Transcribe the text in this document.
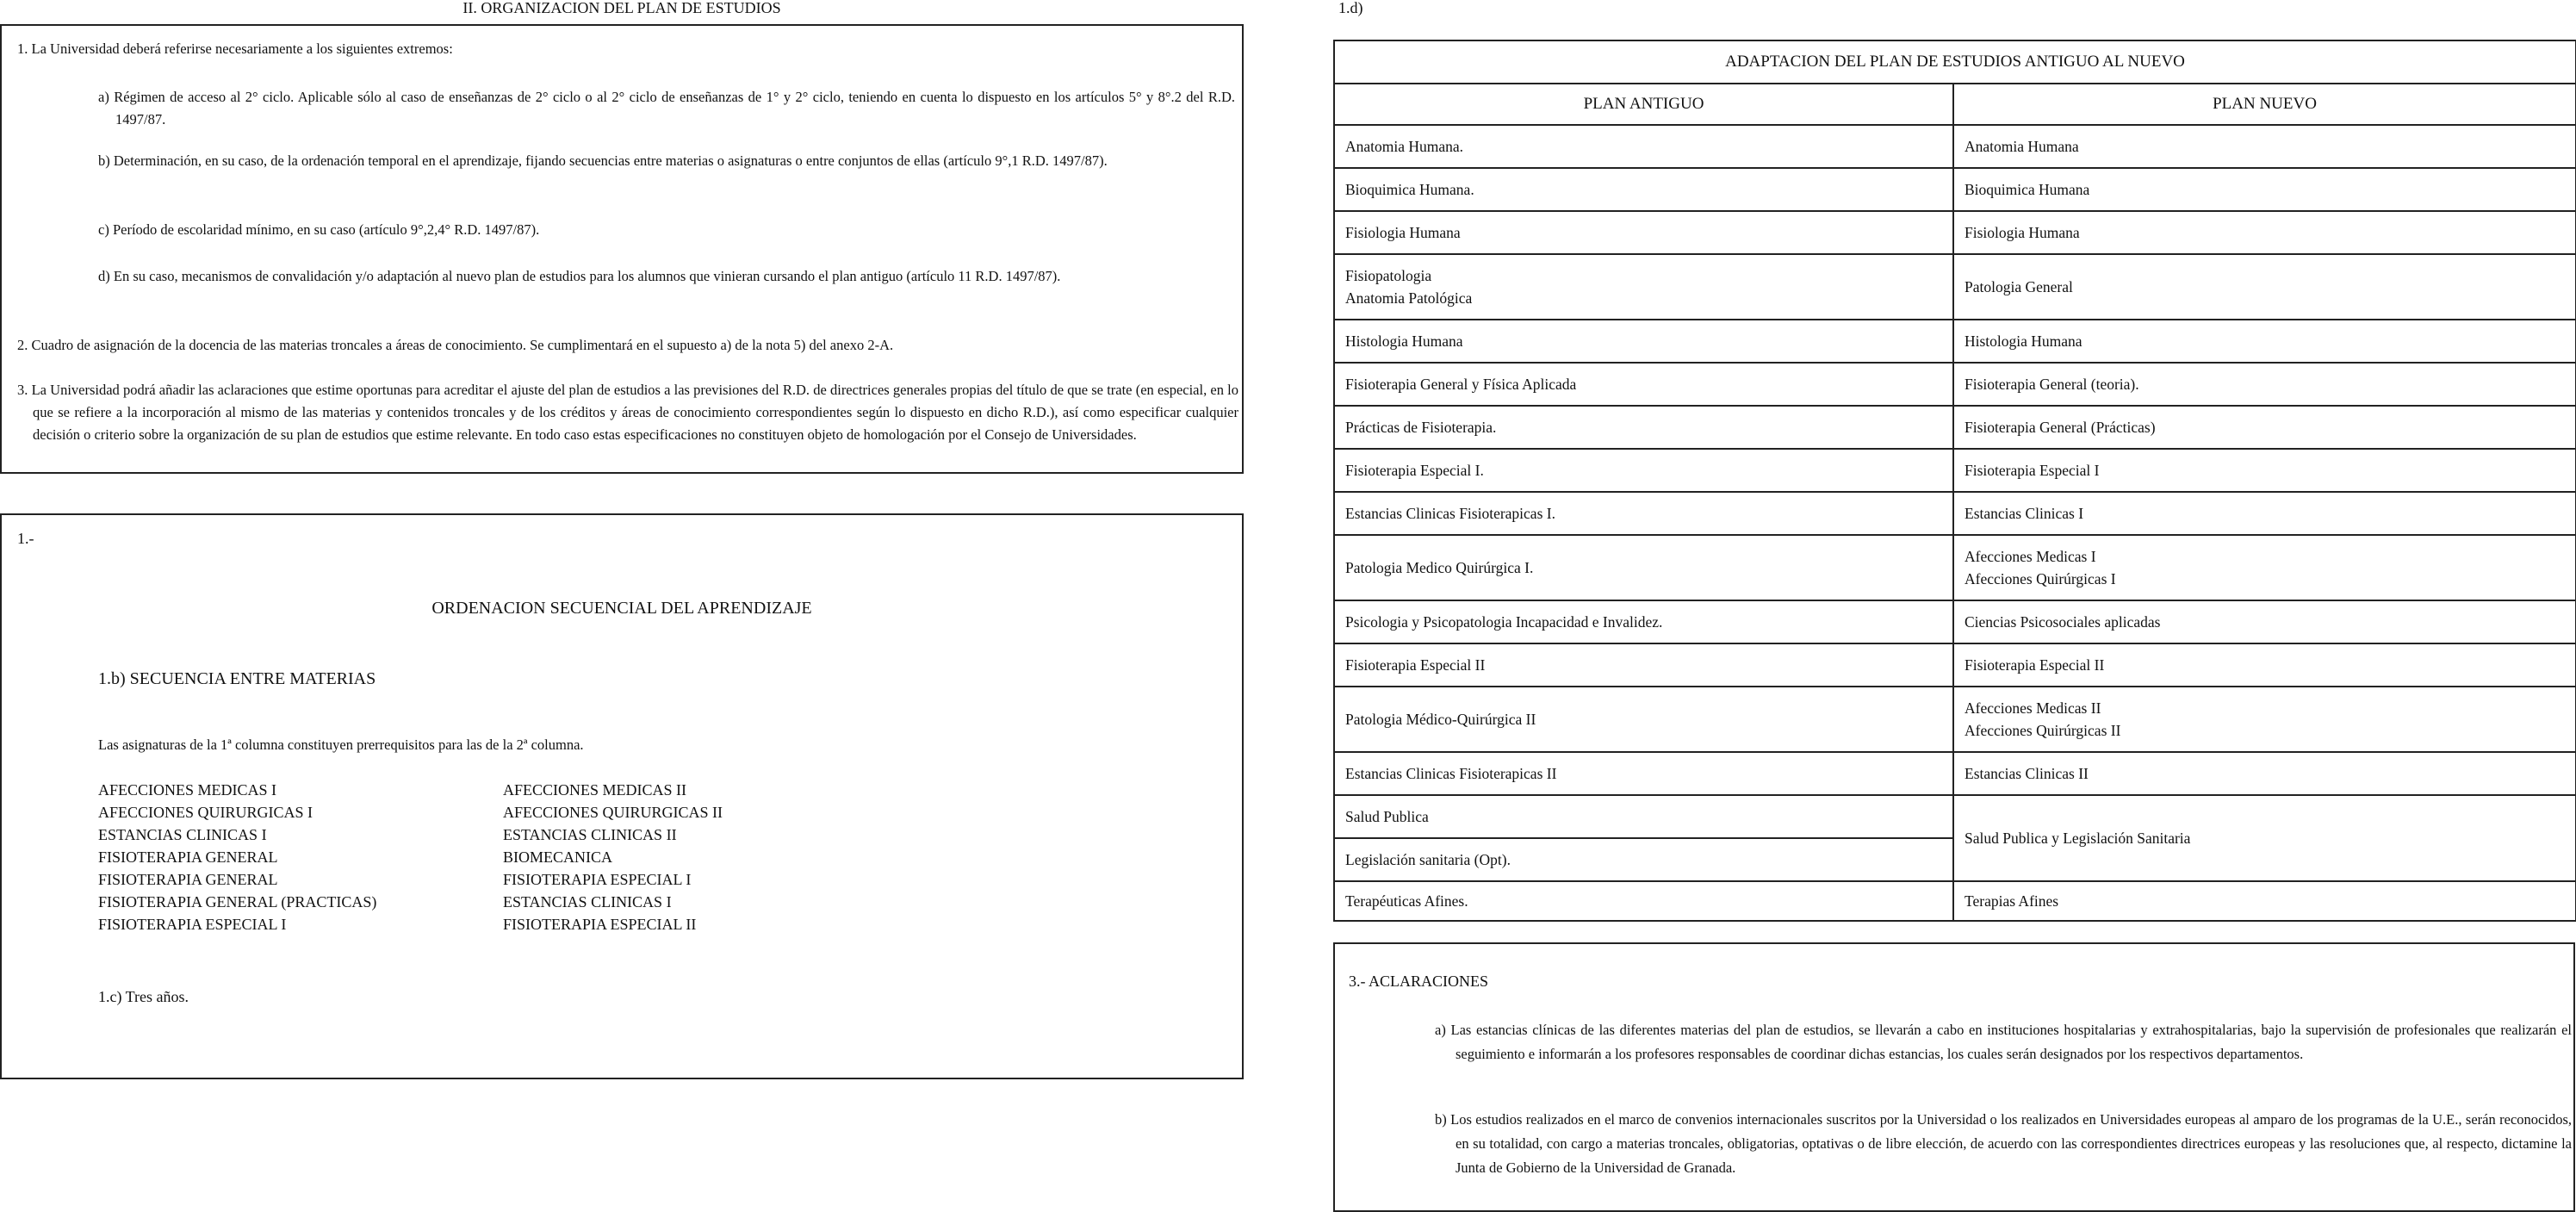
II. ORGANIZACION DEL PLAN DE ESTUDIOS	1.d)
1. La Universidad deberá referirse necesariamente a los siguientes extremos:
a) Régimen de acceso al 2° ciclo. Aplicable sólo al caso de enseñanzas de 2° ciclo o al 2° ciclo de enseñanzas de 1° y 2° ciclo, teniendo en cuenta lo dispuesto en los artículos 5° y 8°.2 del R.D. 1497/87.
b) Determinación, en su caso, de la ordenación temporal en el aprendizaje, fijando secuencias entre materias o asignaturas o entre conjuntos de ellas (artículo 9°,1 R.D. 1497/87).
c) Período de escolaridad mínimo, en su caso (artículo 9°,2,4° R.D. 1497/87).
d) En su caso, mecanismos de convalidación y/o adaptación al nuevo plan de estudios para los alumnos que vinieran cursando el plan antiguo (artículo 11 R.D. 1497/87).
2. Cuadro de asignación de la docencia de las materias troncales a áreas de conocimiento. Se cumplimentará en el supuesto a) de la nota 5) del anexo 2-A.
3. La Universidad podrá añadir las aclaraciones que estime oportunas para acreditar el ajuste del plan de estudios a las previsiones del R.D. de directrices generales propias del título de que se trate (en especial, en lo que se refiere a la incorporación al mismo de las materias y contenidos troncales y de los créditos y áreas de conocimiento correspondientes según lo dispuesto en dicho R.D.), así como especificar cualquier decisión o criterio sobre la organización de su plan de estudios que estime relevante. En todo caso estas especificaciones no constituyen objeto de homologación por el Consejo de Universidades.
1.-
ORDENACION SECUENCIAL DEL APRENDIZAJE
1.b) SECUENCIA ENTRE MATERIAS
Las asignaturas de la 1ª columna constituyen prerrequisitos para las de la 2ª columna.
AFECCIONES MEDICAS I	AFECCIONES MEDICAS II
AFECCIONES QUIRURGICAS I	AFECCIONES QUIRURGICAS II
ESTANCIAS CLINICAS I	ESTANCIAS CLINICAS II
FISIOTERAPIA GENERAL	BIOMECANICA
FISIOTERAPIA GENERAL	FISIOTERAPIA ESPECIAL I
FISIOTERAPIA GENERAL (PRACTICAS)	ESTANCIAS CLINICAS I
FISIOTERAPIA ESPECIAL I	FISIOTERAPIA ESPECIAL II
1.c) Tres años.
ADAPTACION DEL PLAN DE ESTUDIOS ANTIGUO AL NUEVO	
PLAN ANTIGUO	PLAN NUEVO
Anatomia Humana.	Anatomia Humana
Bioquimica Humana.	Bioquimica Humana
Fisiologia Humana	Fisiologia Humana

Fisiopatologia
Anatomia Patológica	Patologia General
Histologia Humana	Histologia Humana
Fisioterapia General y Física Aplicada	Fisioterapia General (teoria).
Prácticas de Fisioterapia.	Fisioterapia General (Prácticas)
Fisioterapia Especial I.	Fisioterapia Especial I
Estancias Clinicas Fisioterapicas I.	Estancias Clinicas I
Patologia Medico Quirúrgica I.	Afecciones Medicas I
Afecciones Quirúrgicas I

Psicologia y Psicopatologia Incapacidad e Invalidez.	Ciencias Psicosociales aplicadas
Fisioterapia Especial II	Fisioterapia Especial II
Patologia Médico-Quirúrgica II	Afecciones Medicas II
Afecciones Quirúrgicas II

Estancias Clinicas Fisioterapicas II	Estancias Clinicas II
Salud Publica	Salud Publica y Legislación Sanitaria
Legislación sanitaria (Opt).	
Terapéuticas Afines.	Terapias Afines
3.- ACLARACIONES
a) Las estancias clínicas de las diferentes materias del plan de estudios, se llevarán a cabo en instituciones hospitalarias y extrahospitalarias, bajo la supervisión de profesionales que realizarán el seguimiento e informarán a los profesores responsables de coordinar dichas estancias, los cuales serán designados por los respectivos departamentos.
b) Los estudios realizados en el marco de convenios internacionales suscritos por la Universidad o los realizados en Universidades europeas al amparo de los programas de la U.E., serán reconocidos, en su totalidad, con cargo a materias troncales, obligatorias, optativas o de libre elección, de acuerdo con las correspondientes directrices europeas y las resoluciones que, al respecto, dictamine la Junta de Gobierno de la Universidad de Granada.
